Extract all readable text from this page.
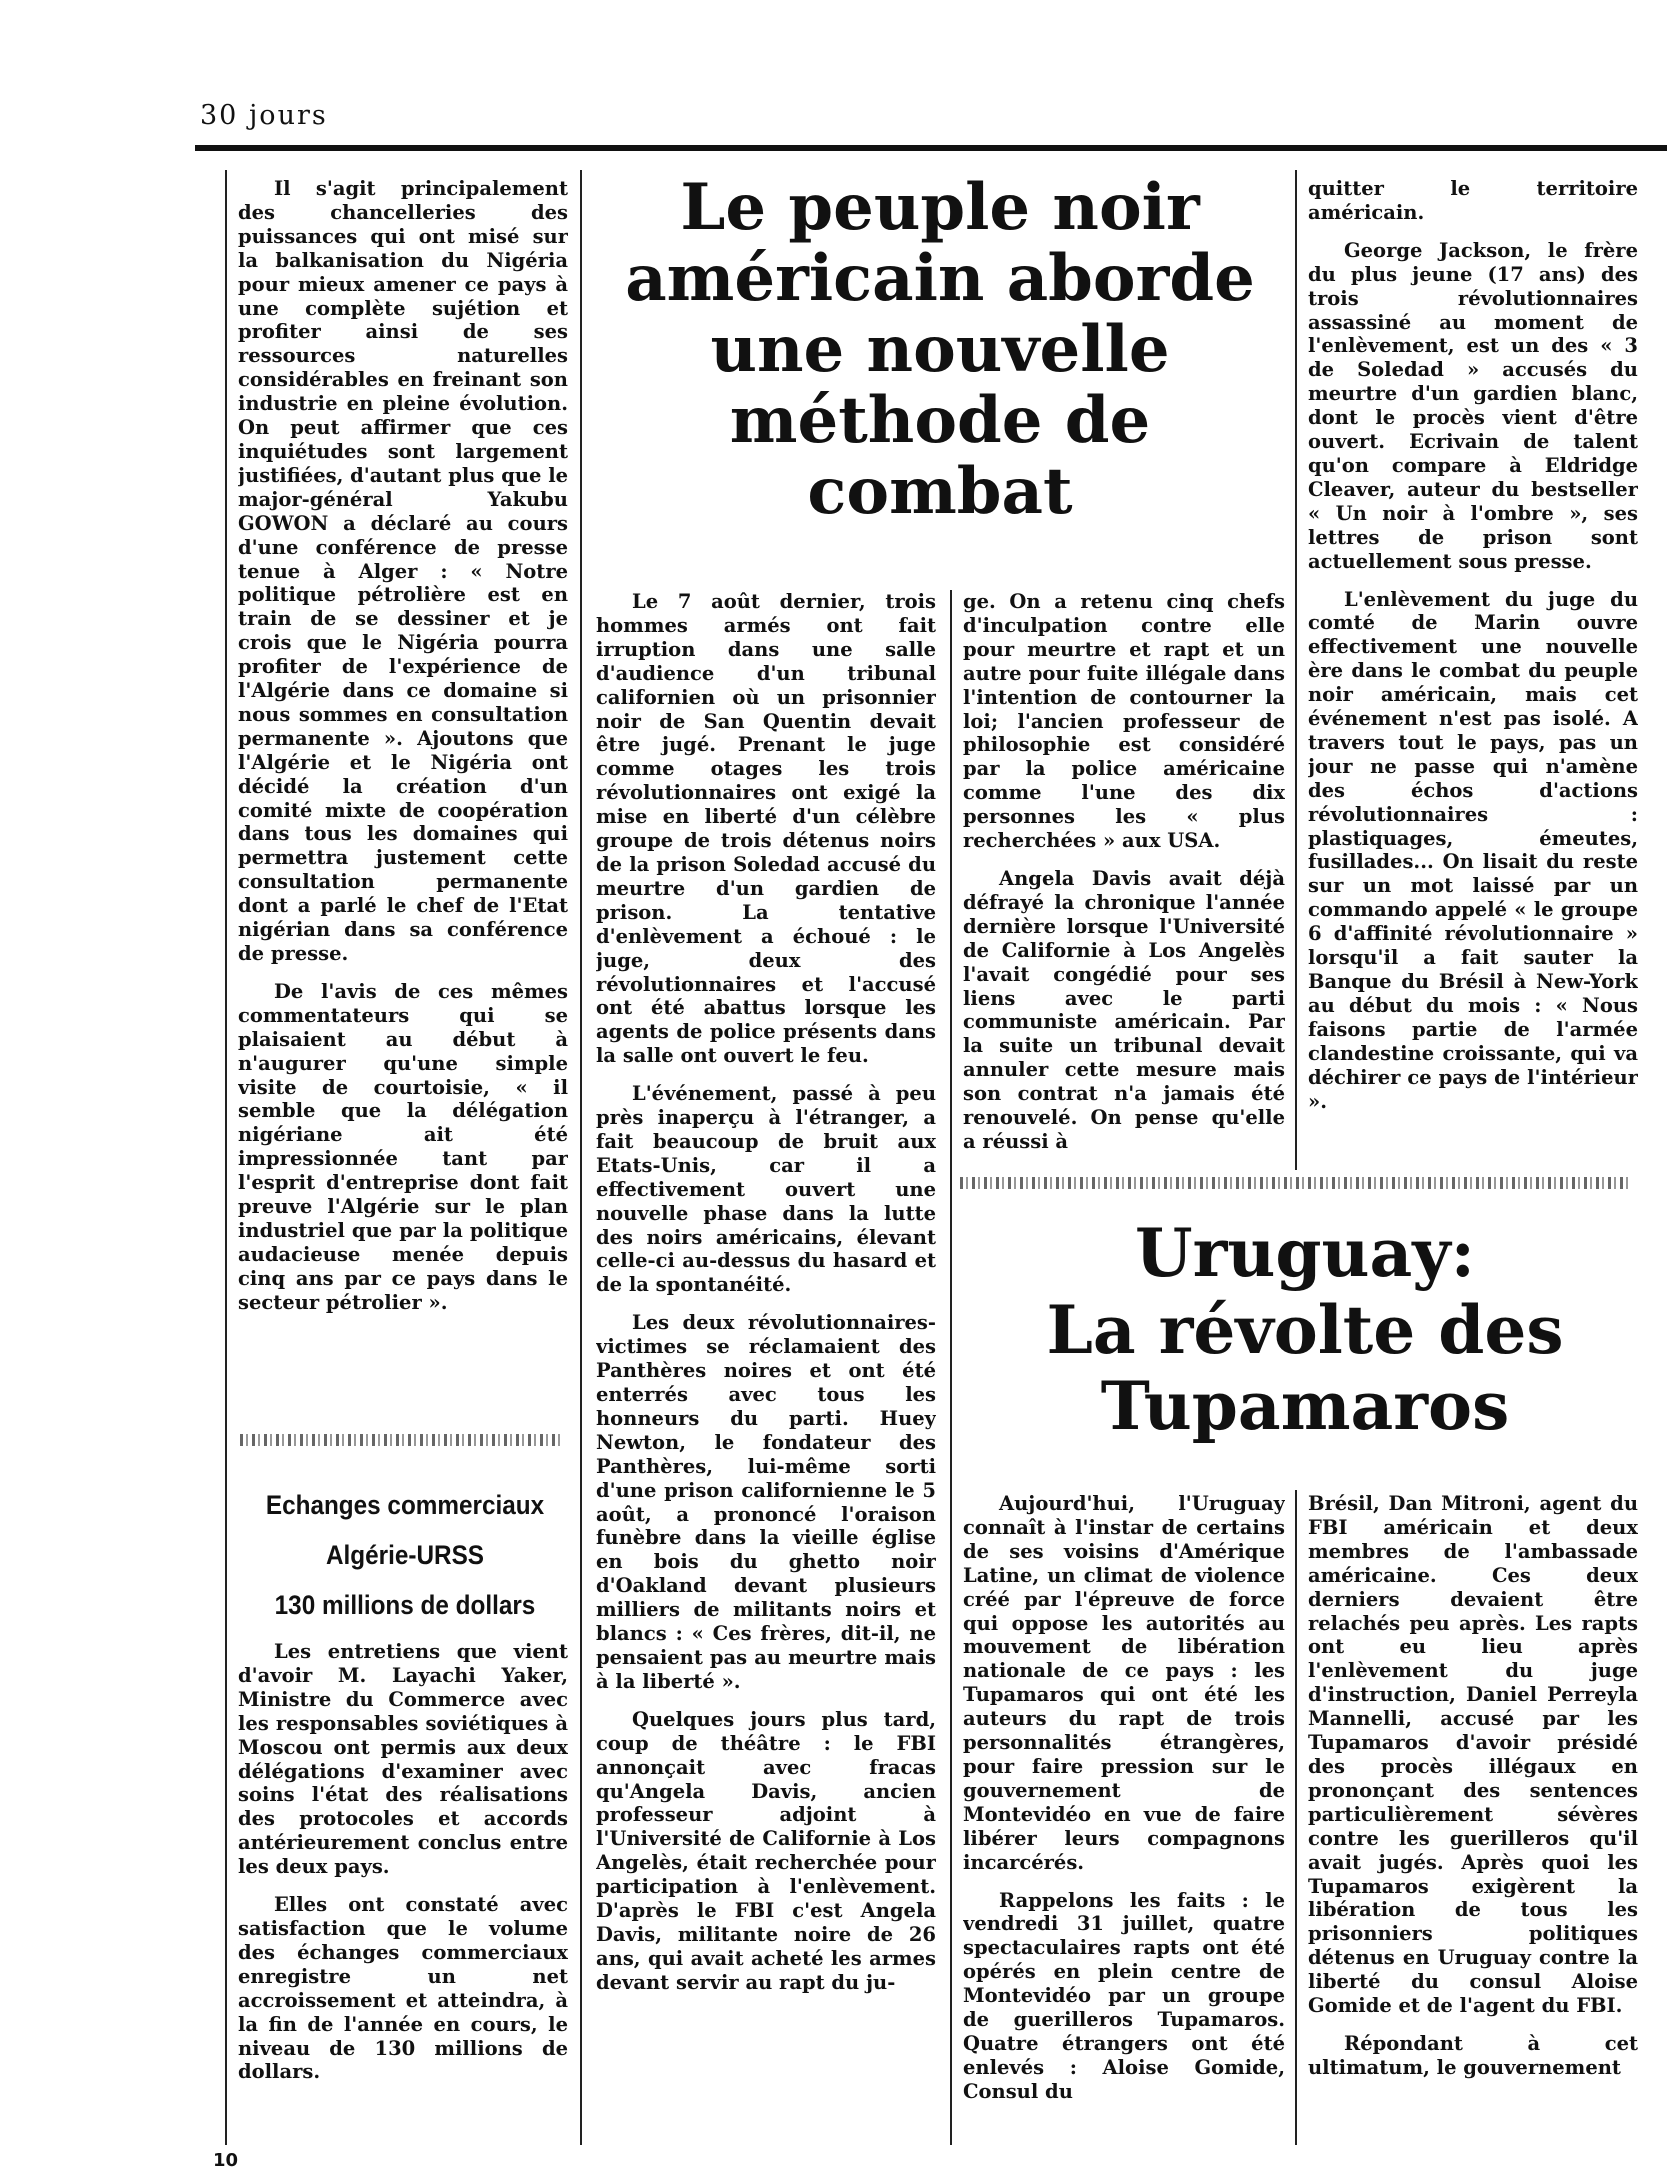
30 jours

Il s'agit principalement des chancelleries des puissances qui ont misé sur la balkanisation du Nigéria pour mieux amener ce pays à une complète sujétion et profiter ainsi de ses ressources naturelles considérables en freinant son industrie en pleine évolution. On peut affirmer que ces inquiétudes sont largement justifiées, d'autant plus que le major-général Yakubu GOWON a déclaré au cours d'une conférence de presse tenue à Alger : « Notre politique pétrolière est en train de se dessiner et je crois que le Nigéria pourra profiter de l'expérience de l'Algérie dans ce domaine si nous sommes en consultation permanente ». Ajoutons que l'Algérie et le Nigéria ont décidé la création d'un comité mixte de coopération dans tous les domaines qui permettra justement cette consultation permanente dont a parlé le chef de l'Etat nigérian dans sa conférence de presse.

De l'avis de ces mêmes commentateurs qui se plaisaient au début à n'augurer qu'une simple visite de courtoisie, « il semble que la délégation nigériane ait été impressionnée tant par l'esprit d'entreprise dont fait preuve l'Algérie sur le plan industriel que par la politique audacieuse menée depuis cinq ans par ce pays dans le secteur pétrolier ».

Echanges commerciaux
Algérie-URSS
130 millions de dollars

Les entretiens que vient d'avoir M. Layachi Yaker, Ministre du Commerce avec les responsables soviétiques à Moscou ont permis aux deux délégations d'examiner avec soins l'état des réalisations des protocoles et accords antérieurement conclus entre les deux pays.

Elles ont constaté avec satisfaction que le volume des échanges commerciaux enregistre un net accroissement et atteindra, à la fin de l'année en cours, le niveau de 130 millions de dollars.

Le peuple noir
américain aborde
une nouvelle
méthode de
combat

Le 7 août dernier, trois hommes armés ont fait irruption dans une salle d'audience d'un tribunal californien où un prisonnier noir de San Quentin devait être jugé. Prenant le juge comme otages les trois révolutionnaires ont exigé la mise en liberté d'un célèbre groupe de trois détenus noirs de la prison Soledad accusé du meurtre d'un gardien de prison. La tentative d'enlèvement a échoué : le juge, deux des révolutionnaires et l'accusé ont été abattus lorsque les agents de police présents dans la salle ont ouvert le feu.

L'événement, passé à peu près inaperçu à l'étranger, a fait beaucoup de bruit aux Etats-Unis, car il a effectivement ouvert une nouvelle phase dans la lutte des noirs américains, élevant celle-ci au-dessus du hasard et de la spontanéité.

Les deux révolutionnaires-victimes se réclamaient des Panthères noires et ont été enterrés avec tous les honneurs du parti. Huey Newton, le fondateur des Panthères, lui-même sorti d'une prison californienne le 5 août, a prononcé l'oraison funèbre dans la vieille église en bois du ghetto noir d'Oakland devant plusieurs milliers de militants noirs et blancs : « Ces frères, dit-il, ne pensaient pas au meurtre mais à la liberté ».

Quelques jours plus tard, coup de théâtre : le FBI annonçait avec fracas qu'Angela Davis, ancien professeur adjoint à l'Université de Californie à Los Angelès, était recherchée pour participation à l'enlèvement. D'après le FBI c'est Angela Davis, militante noire de 26 ans, qui avait acheté les armes devant servir au rapt du ju-

ge. On a retenu cinq chefs d'inculpation contre elle pour meurtre et rapt et un autre pour fuite illégale dans l'intention de contourner la loi; l'ancien professeur de philosophie est considéré par la police américaine comme l'une des dix personnes les « plus recherchées » aux USA.

Angela Davis avait déjà défrayé la chronique l'année dernière lorsque l'Université de Californie à Los Angelès l'avait congédié pour ses liens avec le parti communiste américain. Par la suite un tribunal devait annuler cette mesure mais son contrat n'a jamais été renouvelé. On pense qu'elle a réussi à

quitter le territoire américain.

George Jackson, le frère du plus jeune (17 ans) des trois révolutionnaires assassiné au moment de l'enlèvement, est un des « 3 de Soledad » accusés du meurtre d'un gardien blanc, dont le procès vient d'être ouvert. Ecrivain de talent qu'on compare à Eldridge Cleaver, auteur du bestseller « Un noir à l'ombre », ses lettres de prison sont actuellement sous presse.

L'enlèvement du juge du comté de Marin ouvre effectivement une nouvelle ère dans le combat du peuple noir américain, mais cet événement n'est pas isolé. A travers tout le pays, pas un jour ne passe qui n'amène des échos d'actions révolutionnaires : plastiquages, émeutes, fusillades... On lisait du reste sur un mot laissé par un commando appelé « le groupe 6 d'affinité révolutionnaire » lorsqu'il a fait sauter la Banque du Brésil à New-York au début du mois : « Nous faisons partie de l'armée clandestine croissante, qui va déchirer ce pays de l'intérieur ».

Uruguay:
La révolte des
Tupamaros

Aujourd'hui, l'Uruguay connaît à l'instar de certains de ses voisins d'Amérique Latine, un climat de violence créé par l'épreuve de force qui oppose les autorités au mouvement de libération nationale de ce pays : les Tupamaros qui ont été les auteurs du rapt de trois personnalités étrangères, pour faire pression sur le gouvernement de Montevidéo en vue de faire libérer leurs compagnons incarcérés.

Rappelons les faits : le vendredi 31 juillet, quatre spectaculaires rapts ont été opérés en plein centre de Montevidéo par un groupe de guerilleros Tupamaros. Quatre étrangers ont été enlevés : Aloise Gomide, Consul du

Brésil, Dan Mitroni, agent du FBI américain et deux membres de l'ambassade américaine. Ces deux derniers devaient être relachés peu après. Les rapts ont eu lieu après l'enlèvement du juge d'instruction, Daniel Perreyla Mannelli, accusé par les Tupamaros d'avoir présidé des procès illégaux en prononçant des sentences particulièrement sévères contre les guerilleros qu'il avait jugés. Après quoi les Tupamaros exigèrent la libération de tous les prisonniers politiques détenus en Uruguay contre la liberté du consul Aloise Gomide et de l'agent du FBI.

Répondant à cet ultimatum, le gouvernement

10
